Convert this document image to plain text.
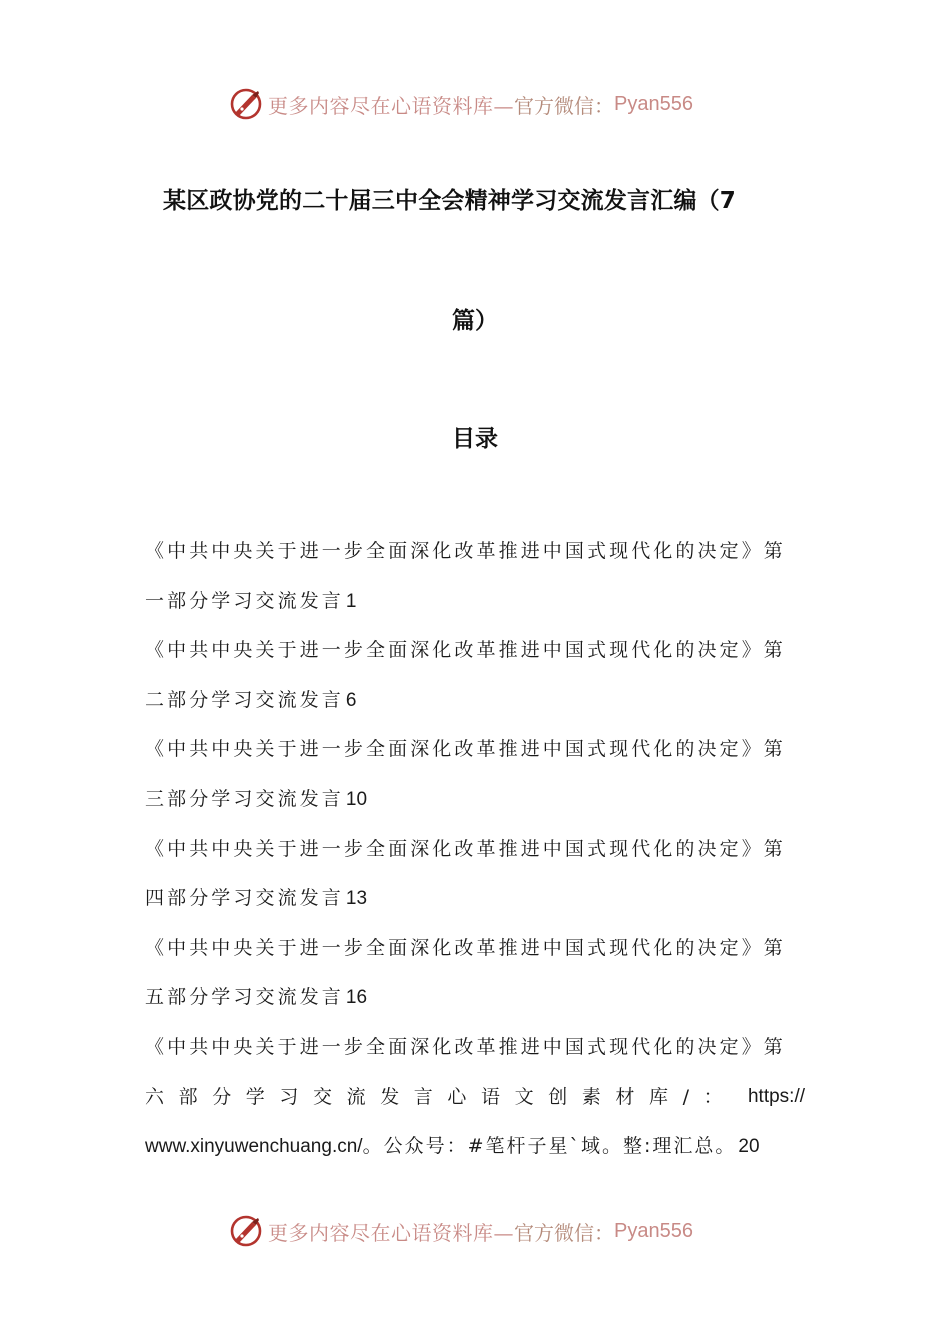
更多内容尽在心语资料库— 官方微信： Pyan556
某区政协党的二十届三中全会精神学习交流发言汇编（7
篇）
目录
《中共中央关于进一步全面深化改革推进中国式现代化的决定》第
一部分学习交流发言 1
《中共中央关于进一步全面深化改革推进中国式现代化的决定》第
二部分学习交流发言 6
《中共中央关于进一步全面深化改革推进中国式现代化的决定》第
三部分学习交流发言 10
《中共中央关于进一步全面深化改革推进中国式现代化的决定》第
四部分学习交流发言 13
《中共中央关于进一步全面深化改革推进中国式现代化的决定》第
五部分学习交流发言 16
《中共中央关于进一步全面深化改革推进中国式现代化的决定》第
六部分学习交流发言心语文创素材库/： https://
www.xinyuwenchuang.cn/。公众号：#笔杆子星`域。整:理汇总。 20
更多内容尽在心语资料库— 官方微信： Pyan556
